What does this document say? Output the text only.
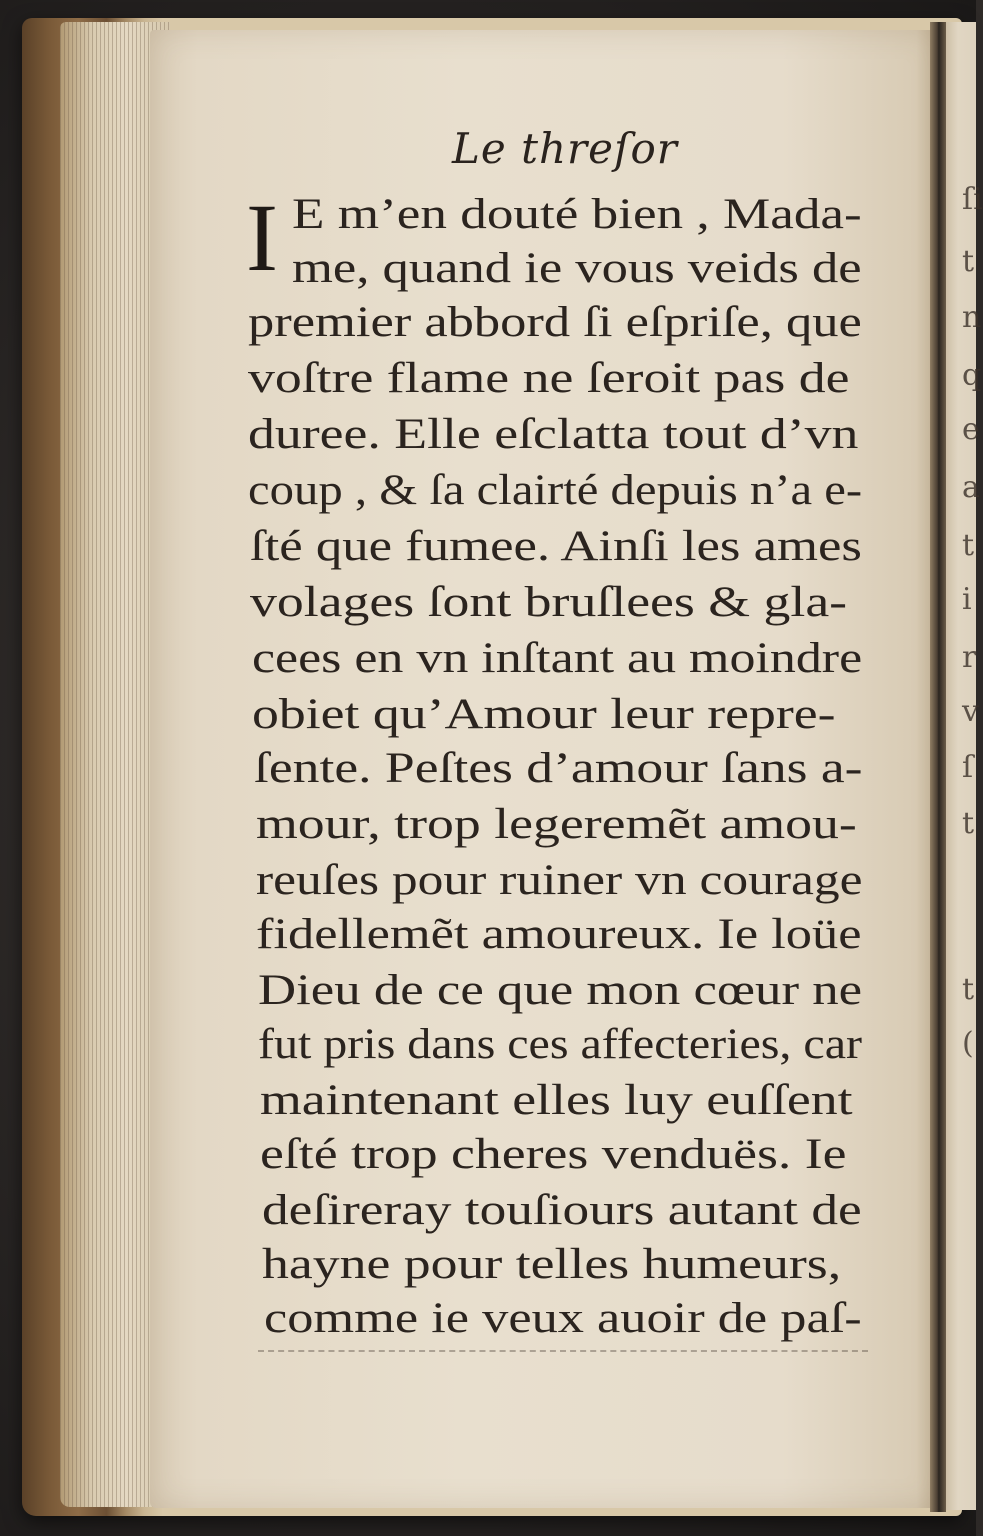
ſi
t
n
q
e
a
t
i
r
v
ſ
t
t
(
Le threſor
I E m’en douté bien , Mada-
me, quand ie vous veids de
premier abbord ſi eſpriſe, que
voſtre flame ne ſeroit pas de
duree. Elle eſclatta tout d’vn
coup , & ſa clairté depuis n’a e-
ſté que fumee. Ainſi les ames
volages ſont bruſlees & gla-
cees en vn inſtant au moindre
obiet qu’Amour leur repre-
ſente. Peſtes d’amour ſans a-
mour, trop legeremẽt amou-
reuſes pour ruiner vn courage
fidellemẽt amoureux. Ie loüe
Dieu de ce que mon cœur ne
fut pris dans ces affecteries, car
maintenant elles luy euſſent
eſté trop cheres venduës. Ie
deſireray touſiours autant de
hayne pour telles humeurs,
comme ie veux auoir de paſ-
